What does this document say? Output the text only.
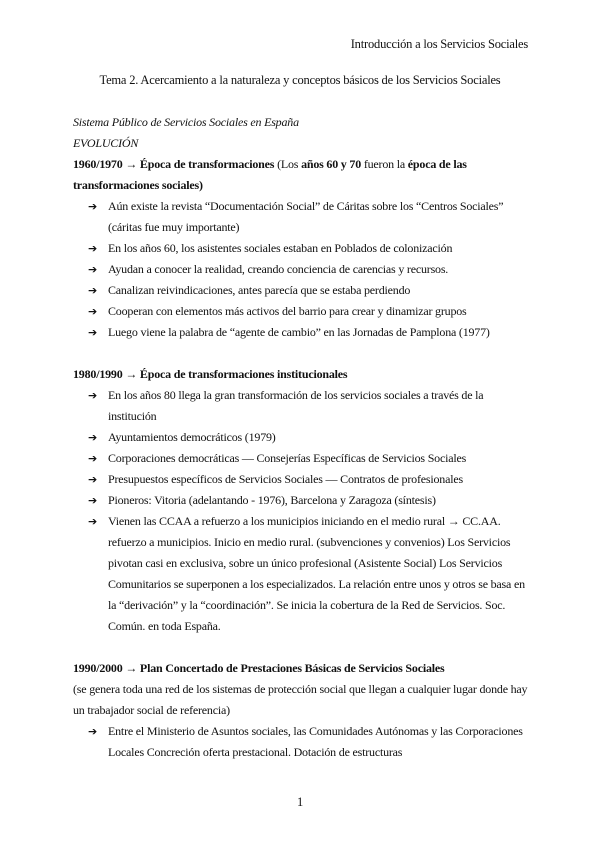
Introducción a los Servicios Sociales
Tema 2. Acercamiento a la naturaleza y conceptos básicos de los Servicios Sociales
Sistema Público de Servicios Sociales en España
EVOLUCIÓN
1960/1970 → Época de transformaciones (Los años 60 y 70 fueron la época de las
transformaciones sociales)
➔ Aún existe la revista “Documentación Social” de Cáritas sobre los “Centros Sociales” (cáritas fue muy importante)
➔ En los años 60, los asistentes sociales estaban en Poblados de colonización
➔ Ayudan a conocer la realidad, creando conciencia de carencias y recursos.
➔ Canalizan reivindicaciones, antes parecía que se estaba perdiendo
➔ Cooperan con elementos más activos del barrio para crear y dinamizar grupos
➔ Luego viene la palabra de “agente de cambio” en las Jornadas de Pamplona (1977)
1980/1990 → Época de transformaciones institucionales
➔ En los años 80 llega la gran transformación de los servicios sociales a través de la institución
➔ Ayuntamientos democráticos (1979)
➔ Corporaciones democráticas — Consejerías Específicas de Servicios Sociales
➔ Presupuestos específicos de Servicios Sociales — Contratos de profesionales
➔ Pioneros: Vitoria (adelantando - 1976), Barcelona y Zaragoza (síntesis)
➔ Vienen las CCAA a refuerzo a los municipios iniciando en el medio rural → CC.AA. refuerzo a municipios. Inicio en medio rural. (subvenciones y convenios) Los Servicios pivotan casi en exclusiva, sobre un único profesional (Asistente Social) Los Servicios Comunitarios se superponen a los especializados. La relación entre unos y otros se basa en la “derivación” y la “coordinación”. Se inicia la cobertura de la Red de Servicios. Soc. Común. en toda España.
1990/2000 → Plan Concertado de Prestaciones Básicas de Servicios Sociales
(se genera toda una red de los sistemas de protección social que llegan a cualquier lugar donde hay un trabajador social de referencia)
➔ Entre el Ministerio de Asuntos sociales, las Comunidades Autónomas y las Corporaciones Locales Concreción oferta prestacional. Dotación de estructuras
1
